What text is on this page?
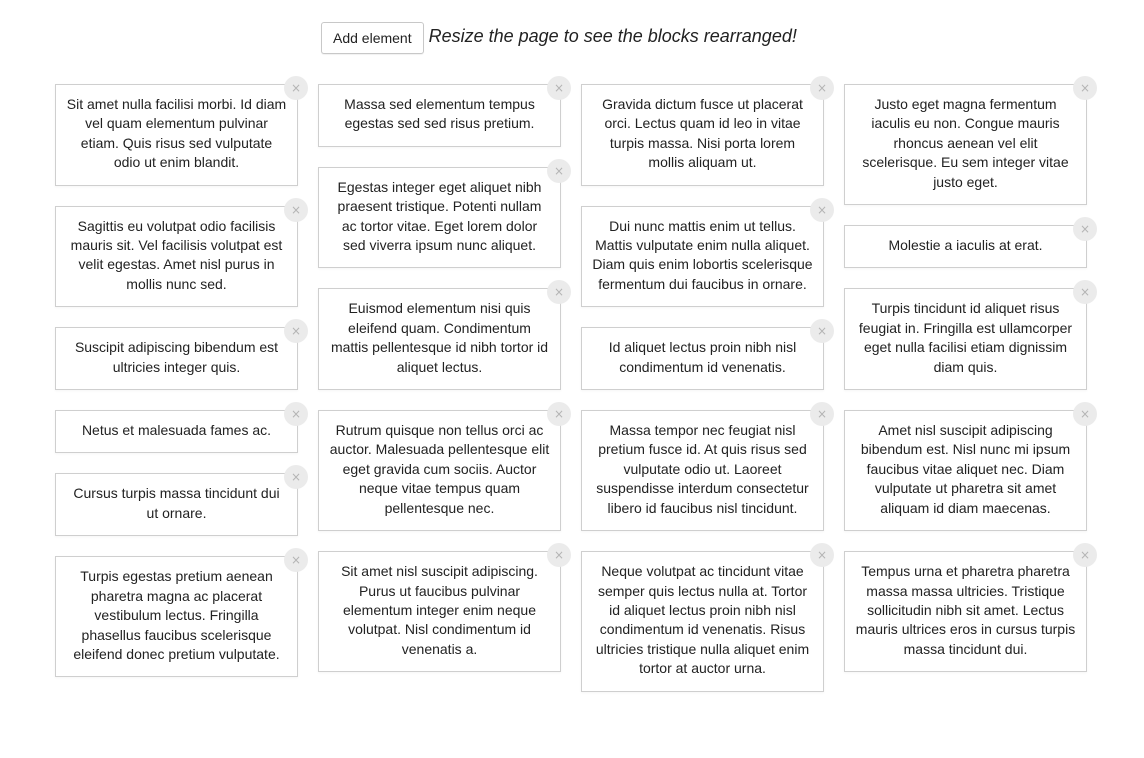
Add element Resize the page to see the blocks rearranged!
Sit amet nulla facilisi morbi. Id diam vel quam elementum pulvinar etiam. Quis risus sed vulputate odio ut enim blandit.
×
Sagittis eu volutpat odio facilisis mauris sit. Vel facilisis volutpat est velit egestas. Amet nisl purus in mollis nunc sed.
×
Suscipit adipiscing bibendum est ultricies integer quis.
×
Netus et malesuada fames ac.
×
Cursus turpis massa tincidunt dui ut ornare.
×
Turpis egestas pretium aenean pharetra magna ac placerat vestibulum lectus. Fringilla phasellus faucibus scelerisque eleifend donec pretium vulputate.
×
Massa sed elementum tempus egestas sed sed risus pretium.
×
Egestas integer eget aliquet nibh praesent tristique. Potenti nullam ac tortor vitae. Eget lorem dolor sed viverra ipsum nunc aliquet.
×
Euismod elementum nisi quis eleifend quam. Condimentum mattis pellentesque id nibh tortor id aliquet lectus.
×
Rutrum quisque non tellus orci ac auctor. Malesuada pellentesque elit eget gravida cum sociis. Auctor neque vitae tempus quam pellentesque nec.
×
Sit amet nisl suscipit adipiscing. Purus ut faucibus pulvinar elementum integer enim neque volutpat. Nisl condimentum id venenatis a.
×
Gravida dictum fusce ut placerat orci. Lectus quam id leo in vitae turpis massa. Nisi porta lorem mollis aliquam ut.
×
Dui nunc mattis enim ut tellus. Mattis vulputate enim nulla aliquet. Diam quis enim lobortis scelerisque fermentum dui faucibus in ornare.
×
Id aliquet lectus proin nibh nisl condimentum id venenatis.
×
Massa tempor nec feugiat nisl pretium fusce id. At quis risus sed vulputate odio ut. Laoreet suspendisse interdum consectetur libero id faucibus nisl tincidunt.
×
Neque volutpat ac tincidunt vitae semper quis lectus nulla at. Tortor id aliquet lectus proin nibh nisl condimentum id venenatis. Risus ultricies tristique nulla aliquet enim tortor at auctor urna.
×
Justo eget magna fermentum iaculis eu non. Congue mauris rhoncus aenean vel elit scelerisque. Eu sem integer vitae justo eget.
×
Molestie a iaculis at erat.
×
Turpis tincidunt id aliquet risus feugiat in. Fringilla est ullamcorper eget nulla facilisi etiam dignissim diam quis.
×
Amet nisl suscipit adipiscing bibendum est. Nisl nunc mi ipsum faucibus vitae aliquet nec. Diam vulputate ut pharetra sit amet aliquam id diam maecenas.
×
Tempus urna et pharetra pharetra massa massa ultricies. Tristique sollicitudin nibh sit amet. Lectus mauris ultrices eros in cursus turpis massa tincidunt dui.
×
